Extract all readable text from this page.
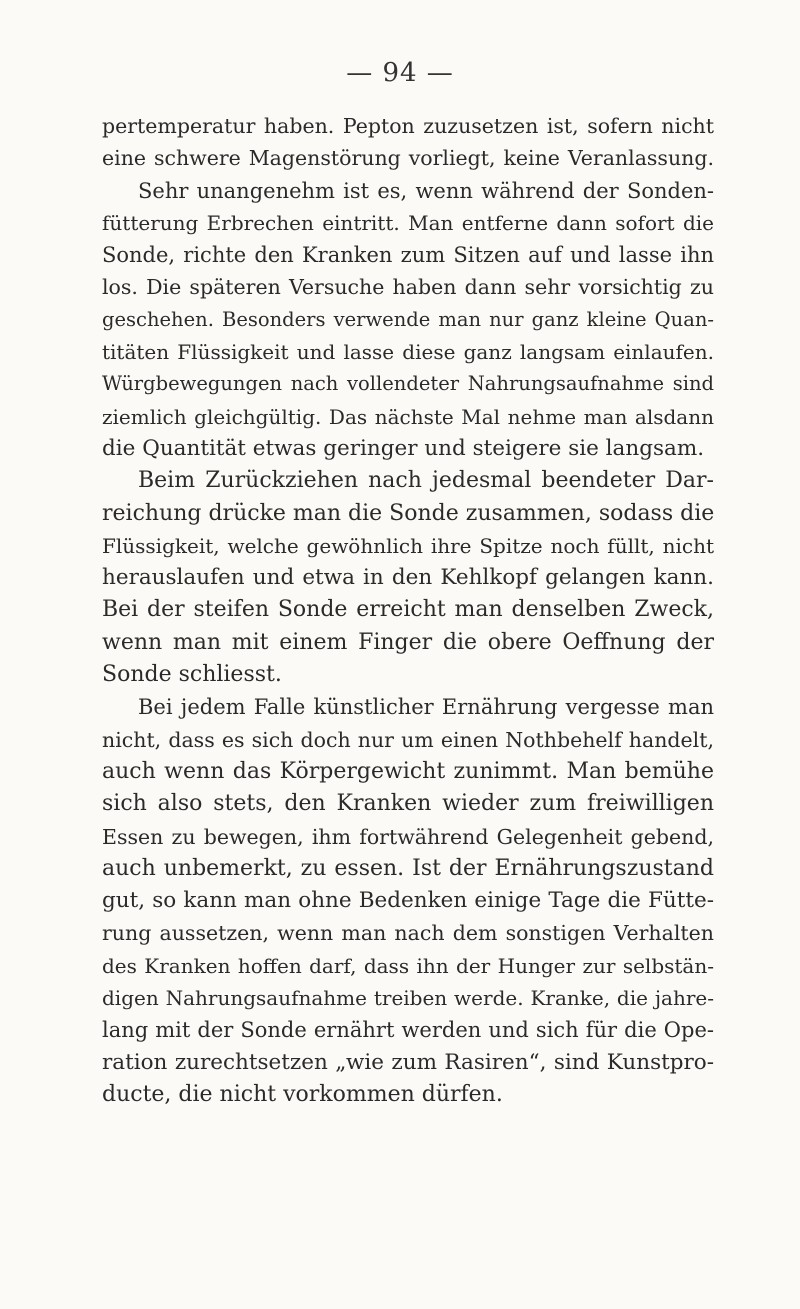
— 94 —
pertemperatur haben. Pepton zuzusetzen ist, sofern nicht
eine schwere Magenstörung vorliegt, keine Veranlassung.
Sehr unangenehm ist es, wenn während der Sonden-
fütterung Erbrechen eintritt. Man entferne dann sofort die
Sonde, richte den Kranken zum Sitzen auf und lasse ihn
los. Die späteren Versuche haben dann sehr vorsichtig zu
geschehen. Besonders verwende man nur ganz kleine Quan-
titäten Flüssigkeit und lasse diese ganz langsam einlaufen.
Würgbewegungen nach vollendeter Nahrungsaufnahme sind
ziemlich gleichgültig. Das nächste Mal nehme man alsdann
die Quantität etwas geringer und steigere sie langsam.
Beim Zurückziehen nach jedesmal beendeter Dar-
reichung drücke man die Sonde zusammen, sodass die
Flüssigkeit, welche gewöhnlich ihre Spitze noch füllt, nicht
herauslaufen und etwa in den Kehlkopf gelangen kann.
Bei der steifen Sonde erreicht man denselben Zweck,
wenn man mit einem Finger die obere Oeffnung der
Sonde schliesst.
Bei jedem Falle künstlicher Ernährung vergesse man
nicht, dass es sich doch nur um einen Nothbehelf handelt,
auch wenn das Körpergewicht zunimmt. Man bemühe
sich also stets, den Kranken wieder zum freiwilligen
Essen zu bewegen, ihm fortwährend Gelegenheit gebend,
auch unbemerkt, zu essen. Ist der Ernährungszustand
gut, so kann man ohne Bedenken einige Tage die Fütte-
rung aussetzen, wenn man nach dem sonstigen Verhalten
des Kranken hoffen darf, dass ihn der Hunger zur selbstän-
digen Nahrungsaufnahme treiben werde. Kranke, die jahre-
lang mit der Sonde ernährt werden und sich für die Ope-
ration zurechtsetzen „wie zum Rasiren“, sind Kunstpro-
ducte, die nicht vorkommen dürfen.
